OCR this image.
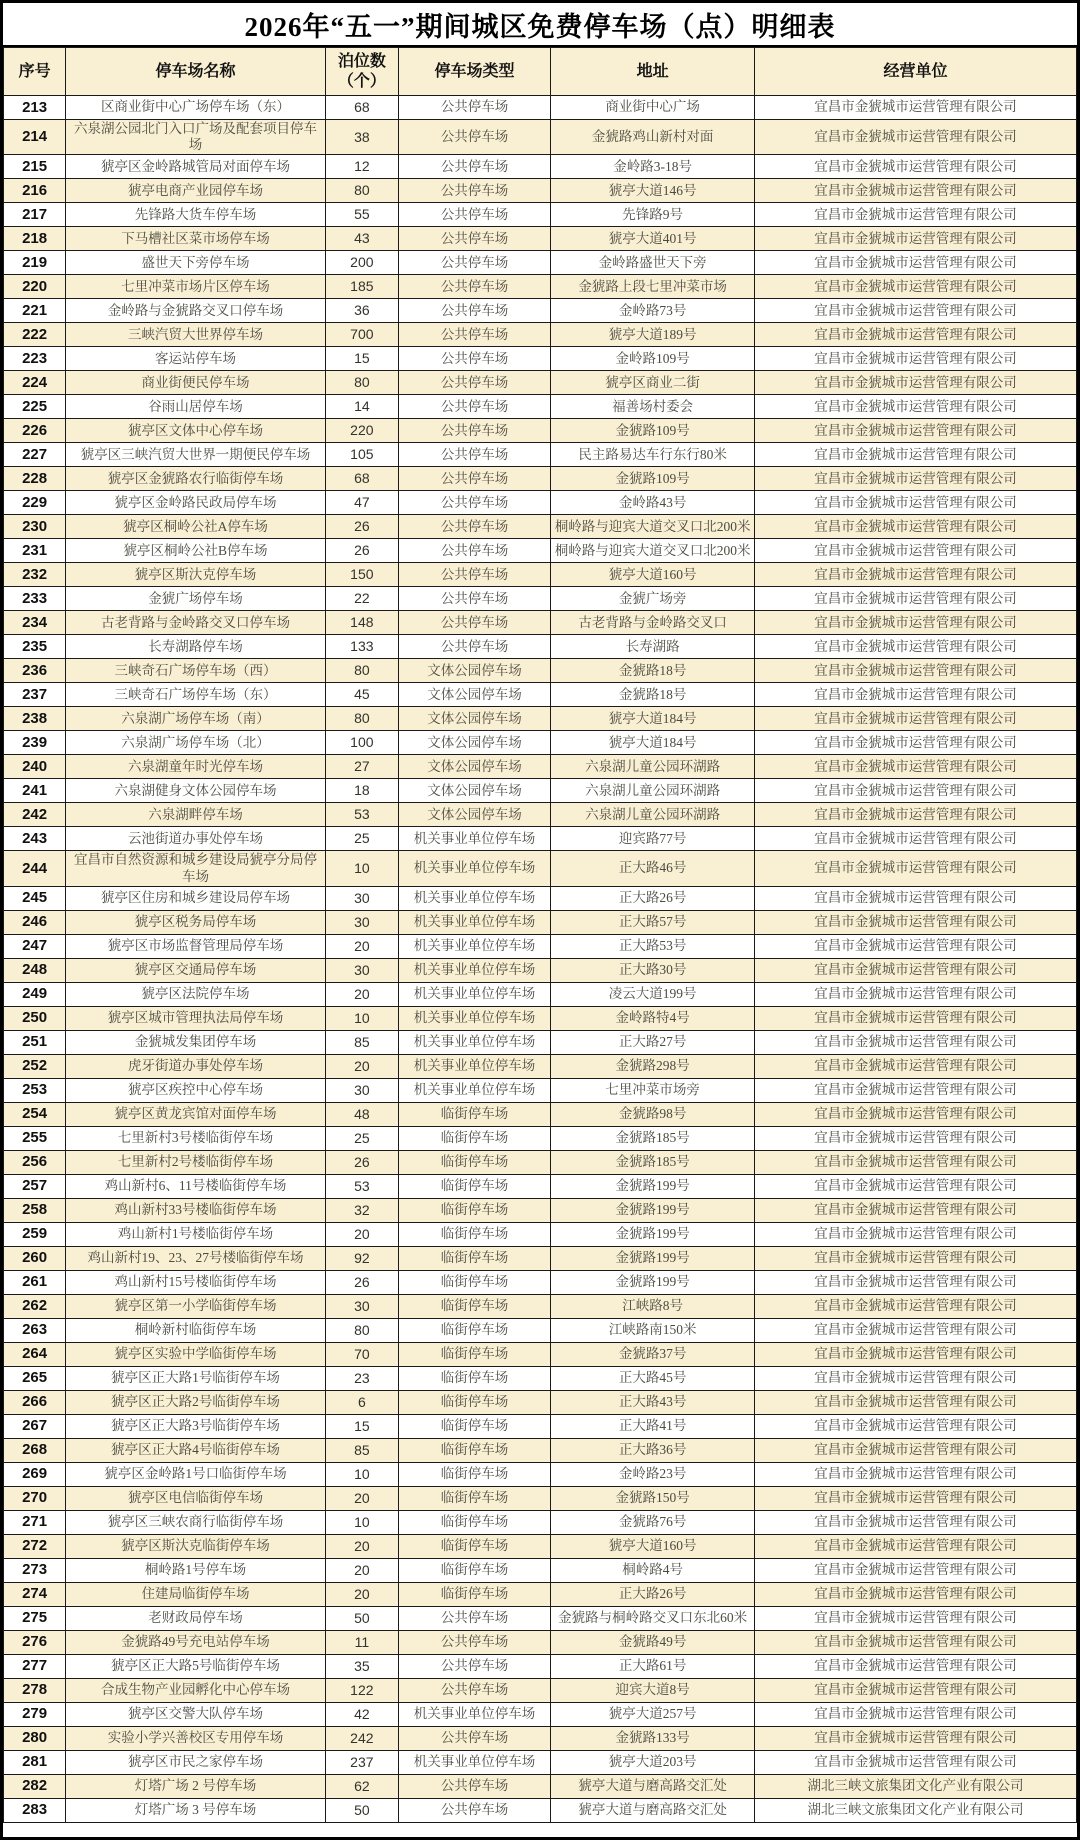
2026年“五一”期间城区免费停车场（点）明细表
序号	停车场名称	泊位数（个）	停车场类型	地址	经营单位
213	区商业街中心广场停车场（东）	68	公共停车场	商业街中心广场	宜昌市金猇城市运营管理有限公司
214	六泉湖公园北门入口广场及配套项目停车场	38	公共停车场	金猇路鸡山新村对面	宜昌市金猇城市运营管理有限公司
215	猇亭区金岭路城管局对面停车场	12	公共停车场	金岭路3-18号	宜昌市金猇城市运营管理有限公司
216	猇亭电商产业园停车场	80	公共停车场	猇亭大道146号	宜昌市金猇城市运营管理有限公司
217	先锋路大货车停车场	55	公共停车场	先锋路9号	宜昌市金猇城市运营管理有限公司
218	下马槽社区菜市场停车场	43	公共停车场	猇亭大道401号	宜昌市金猇城市运营管理有限公司
219	盛世天下旁停车场	200	公共停车场	金岭路盛世天下旁	宜昌市金猇城市运营管理有限公司
220	七里冲菜市场片区停车场	185	公共停车场	金猇路上段七里冲菜市场	宜昌市金猇城市运营管理有限公司
221	金岭路与金猇路交叉口停车场	36	公共停车场	金岭路73号	宜昌市金猇城市运营管理有限公司
222	三峡汽贸大世界停车场	700	公共停车场	猇亭大道189号	宜昌市金猇城市运营管理有限公司
223	客运站停车场	15	公共停车场	金岭路109号	宜昌市金猇城市运营管理有限公司
224	商业街便民停车场	80	公共停车场	猇亭区商业二街	宜昌市金猇城市运营管理有限公司
225	谷雨山居停车场	14	公共停车场	福善场村委会	宜昌市金猇城市运营管理有限公司
226	猇亭区文体中心停车场	220	公共停车场	金猇路109号	宜昌市金猇城市运营管理有限公司
227	猇亭区三峡汽贸大世界一期便民停车场	105	公共停车场	民主路易达车行东行80米	宜昌市金猇城市运营管理有限公司
228	猇亭区金猇路农行临街停车场	68	公共停车场	金猇路109号	宜昌市金猇城市运营管理有限公司
229	猇亭区金岭路民政局停车场	47	公共停车场	金岭路43号	宜昌市金猇城市运营管理有限公司
230	猇亭区桐岭公社A停车场	26	公共停车场	桐岭路与迎宾大道交叉口北200米	宜昌市金猇城市运营管理有限公司
231	猇亭区桐岭公社B停车场	26	公共停车场	桐岭路与迎宾大道交叉口北200米	宜昌市金猇城市运营管理有限公司
232	猇亭区斯汏克停车场	150	公共停车场	猇亭大道160号	宜昌市金猇城市运营管理有限公司
233	金猇广场停车场	22	公共停车场	金猇广场旁	宜昌市金猇城市运营管理有限公司
234	古老背路与金岭路交叉口停车场	148	公共停车场	古老背路与金岭路交叉口	宜昌市金猇城市运营管理有限公司
235	长寿湖路停车场	133	公共停车场	长寿湖路	宜昌市金猇城市运营管理有限公司
236	三峡奇石广场停车场（西）	80	文体公园停车场	金猇路18号	宜昌市金猇城市运营管理有限公司
237	三峡奇石广场停车场（东）	45	文体公园停车场	金猇路18号	宜昌市金猇城市运营管理有限公司
238	六泉湖广场停车场（南）	80	文体公园停车场	猇亭大道184号	宜昌市金猇城市运营管理有限公司
239	六泉湖广场停车场（北）	100	文体公园停车场	猇亭大道184号	宜昌市金猇城市运营管理有限公司
240	六泉湖童年时光停车场	27	文体公园停车场	六泉湖儿童公园环湖路	宜昌市金猇城市运营管理有限公司
241	六泉湖健身文体公园停车场	18	文体公园停车场	六泉湖儿童公园环湖路	宜昌市金猇城市运营管理有限公司
242	六泉湖畔停车场	53	文体公园停车场	六泉湖儿童公园环湖路	宜昌市金猇城市运营管理有限公司
243	云池街道办事处停车场	25	机关事业单位停车场	迎宾路77号	宜昌市金猇城市运营管理有限公司
244	宜昌市自然资源和城乡建设局猇亭分局停车场	10	机关事业单位停车场	正大路46号	宜昌市金猇城市运营管理有限公司
245	猇亭区住房和城乡建设局停车场	30	机关事业单位停车场	正大路26号	宜昌市金猇城市运营管理有限公司
246	猇亭区税务局停车场	30	机关事业单位停车场	正大路57号	宜昌市金猇城市运营管理有限公司
247	猇亭区市场监督管理局停车场	20	机关事业单位停车场	正大路53号	宜昌市金猇城市运营管理有限公司
248	猇亭区交通局停车场	30	机关事业单位停车场	正大路30号	宜昌市金猇城市运营管理有限公司
249	猇亭区法院停车场	20	机关事业单位停车场	凌云大道199号	宜昌市金猇城市运营管理有限公司
250	猇亭区城市管理执法局停车场	10	机关事业单位停车场	金岭路特4号	宜昌市金猇城市运营管理有限公司
251	金猇城发集团停车场	85	机关事业单位停车场	正大路27号	宜昌市金猇城市运营管理有限公司
252	虎牙街道办事处停车场	20	机关事业单位停车场	金猇路298号	宜昌市金猇城市运营管理有限公司
253	猇亭区疾控中心停车场	30	机关事业单位停车场	七里冲菜市场旁	宜昌市金猇城市运营管理有限公司
254	猇亭区黄龙宾馆对面停车场	48	临街停车场	金猇路98号	宜昌市金猇城市运营管理有限公司
255	七里新村3号楼临街停车场	25	临街停车场	金猇路185号	宜昌市金猇城市运营管理有限公司
256	七里新村2号楼临街停车场	26	临街停车场	金猇路185号	宜昌市金猇城市运营管理有限公司
257	鸡山新村6、11号楼临街停车场	53	临街停车场	金猇路199号	宜昌市金猇城市运营管理有限公司
258	鸡山新村33号楼临街停车场	32	临街停车场	金猇路199号	宜昌市金猇城市运营管理有限公司
259	鸡山新村1号楼临街停车场	20	临街停车场	金猇路199号	宜昌市金猇城市运营管理有限公司
260	鸡山新村19、23、27号楼临街停车场	92	临街停车场	金猇路199号	宜昌市金猇城市运营管理有限公司
261	鸡山新村15号楼临街停车场	26	临街停车场	金猇路199号	宜昌市金猇城市运营管理有限公司
262	猇亭区第一小学临街停车场	30	临街停车场	江峡路8号	宜昌市金猇城市运营管理有限公司
263	桐岭新村临街停车场	80	临街停车场	江峡路南150米	宜昌市金猇城市运营管理有限公司
264	猇亭区实验中学临街停车场	70	临街停车场	金猇路37号	宜昌市金猇城市运营管理有限公司
265	猇亭区正大路1号临街停车场	23	临街停车场	正大路45号	宜昌市金猇城市运营管理有限公司
266	猇亭区正大路2号临街停车场	6	临街停车场	正大路43号	宜昌市金猇城市运营管理有限公司
267	猇亭区正大路3号临街停车场	15	临街停车场	正大路41号	宜昌市金猇城市运营管理有限公司
268	猇亭区正大路4号临街停车场	85	临街停车场	正大路36号	宜昌市金猇城市运营管理有限公司
269	猇亭区金岭路1号口临街停车场	10	临街停车场	金岭路23号	宜昌市金猇城市运营管理有限公司
270	猇亭区电信临街停车场	20	临街停车场	金猇路150号	宜昌市金猇城市运营管理有限公司
271	猇亭区三峡农商行临街停车场	10	临街停车场	金猇路76号	宜昌市金猇城市运营管理有限公司
272	猇亭区斯汏克临街停车场	20	临街停车场	猇亭大道160号	宜昌市金猇城市运营管理有限公司
273	桐岭路1号停车场	20	临街停车场	桐岭路4号	宜昌市金猇城市运营管理有限公司
274	住建局临街停车场	20	临街停车场	正大路26号	宜昌市金猇城市运营管理有限公司
275	老财政局停车场	50	公共停车场	金猇路与桐岭路交叉口东北60米	宜昌市金猇城市运营管理有限公司
276	金猇路49号充电站停车场	11	公共停车场	金猇路49号	宜昌市金猇城市运营管理有限公司
277	猇亭区正大路5号临街停车场	35	公共停车场	正大路61号	宜昌市金猇城市运营管理有限公司
278	合成生物产业园孵化中心停车场	122	公共停车场	迎宾大道8号	宜昌市金猇城市运营管理有限公司
279	猇亭区交警大队停车场	42	机关事业单位停车场	猇亭大道257号	宜昌市金猇城市运营管理有限公司
280	实验小学兴善校区专用停车场	242	公共停车场	金猇路133号	宜昌市金猇城市运营管理有限公司
281	猇亭区市民之家停车场	237	机关事业单位停车场	猇亭大道203号	宜昌市金猇城市运营管理有限公司
282	灯塔广场 2 号停车场	62	公共停车场	猇亭大道与磨高路交汇处	湖北三峡文旅集团文化产业有限公司
283	灯塔广场 3 号停车场	50	公共停车场	猇亭大道与磨高路交汇处	湖北三峡文旅集团文化产业有限公司
